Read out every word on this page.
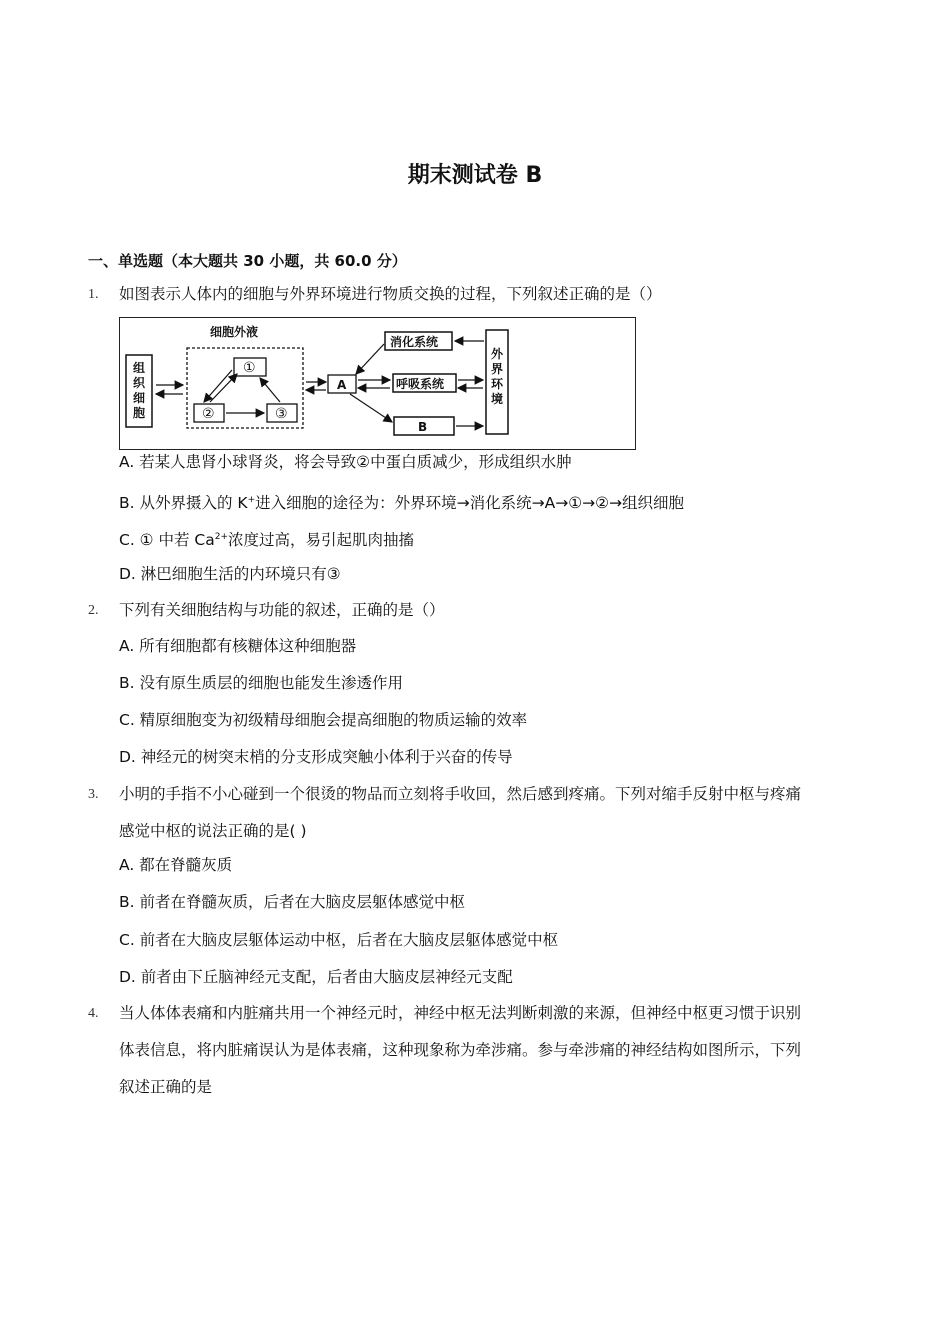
期末测试卷 B
一、单选题（本大题共 30 小题，共 60.0 分）
1.	如图表示人体内的细胞与外界环境进行物质交换的过程，下列叙述正确的是（）
组
织
细
胞
细胞外液
①
②	③
A
消化系统
呼吸系统
B
外
界
环
境
A. 若某人患肾小球肾炎，将会导致②中蛋白质减少，形成组织水肿
B. 从外界摄入的 K+进入细胞的途径为：外界环境→消化系统→A→①→②→组织细胞
C. ① 中若 $Ca^{2+}$浓度过高，易引起肌肉抽搐
D. 淋巴细胞生活的内环境只有③
2.	下列有关细胞结构与功能的叙述，正确的是（）
A. 所有细胞都有核糖体这种细胞器
B. 没有原生质层的细胞也能发生渗透作用
C. 精原细胞变为初级精母细胞会提高细胞的物质运输的效率
D. 神经元的树突末梢的分支形成突触小体利于兴奋的传导
3.	小明的手指不小心碰到一个很烫的物品而立刻将手收回，然后感到疼痛。下列对缩手反射中枢与疼痛
感觉中枢的说法正确的是( )
A. 都在脊髓灰质
B. 前者在脊髓灰质，后者在大脑皮层躯体感觉中枢
C. 前者在大脑皮层躯体运动中枢，后者在大脑皮层躯体感觉中枢
D. 前者由下丘脑神经元支配，后者由大脑皮层神经元支配
4.	当人体体表痛和内脏痛共用一个神经元时，神经中枢无法判断刺激的来源，但神经中枢更习惯于识别
体表信息，将内脏痛误认为是体表痛，这种现象称为牵涉痛。参与牵涉痛的神经结构如图所示，下列
叙述正确的是
